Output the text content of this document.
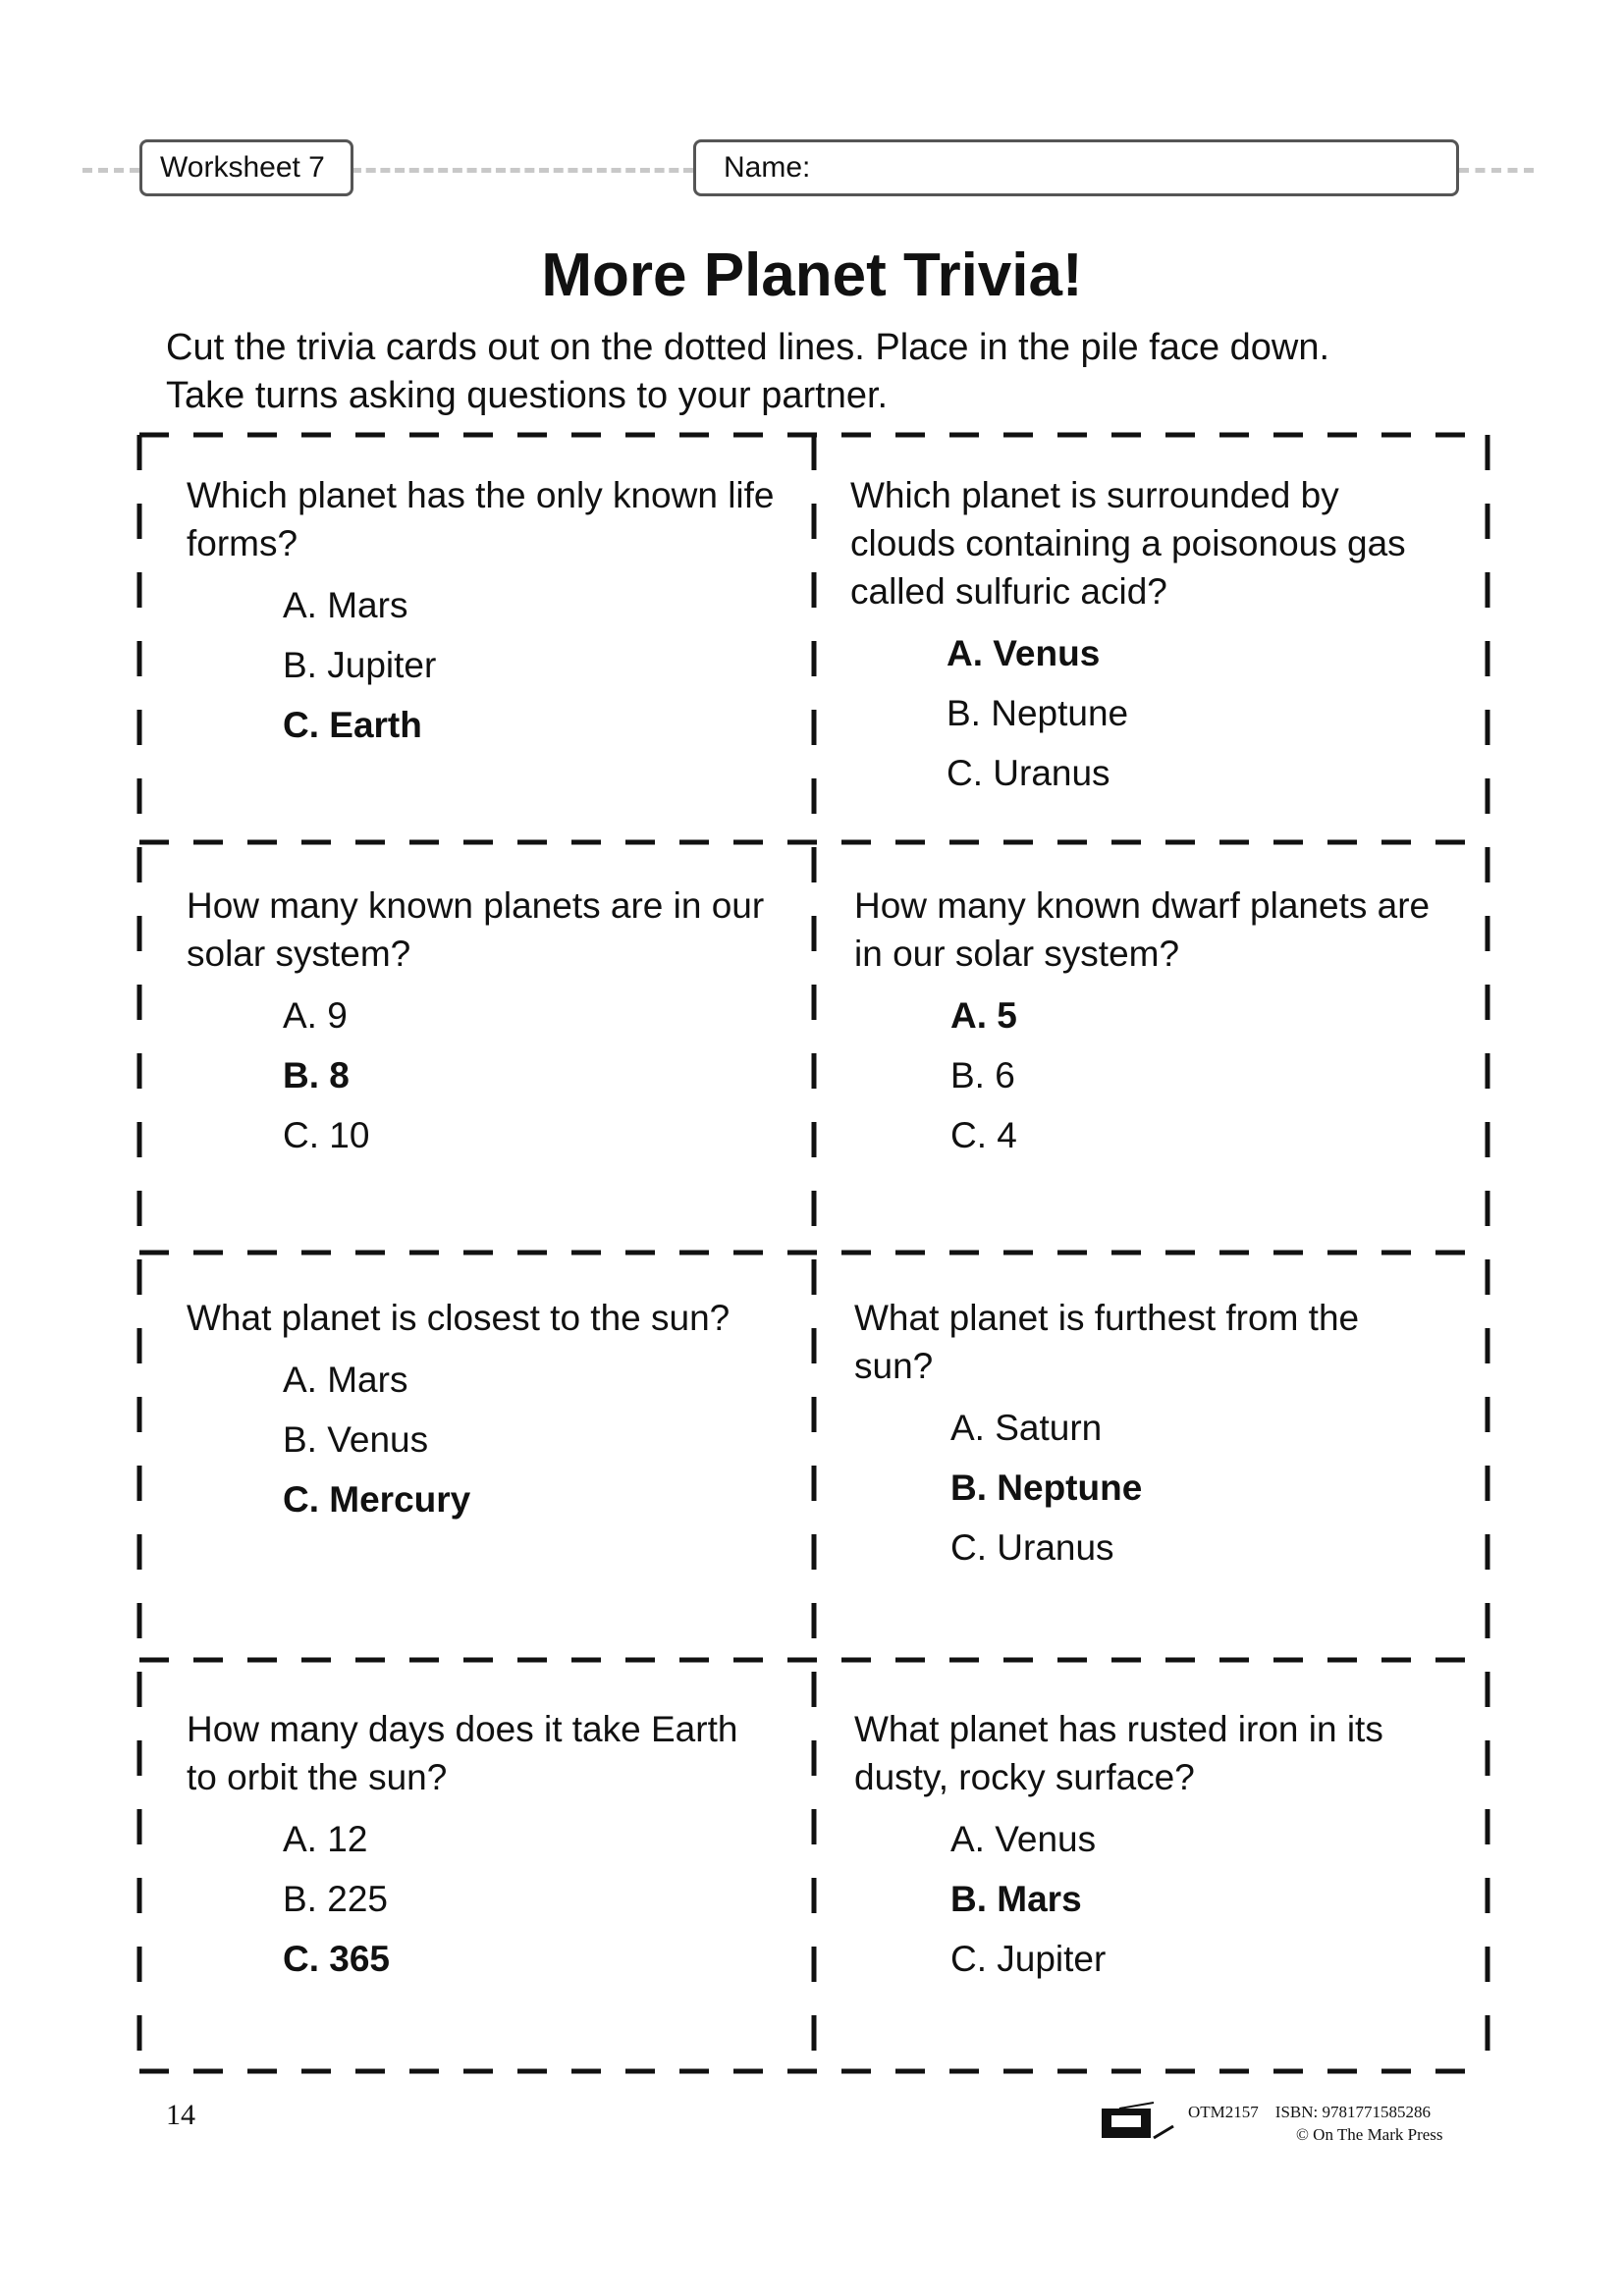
Worksheet 7	Name:
More Planet Trivia!
Cut the trivia cards out on the dotted lines. Place in the pile face down.
Take turns asking questions to your partner.
Which planet has the only known life forms?
A. Mars
B. Jupiter
C. Earth
Which planet is surrounded by clouds containing a poisonous gas called sulfuric acid?
A. Venus
B. Neptune
C. Uranus
How many known planets are in our solar system?
A. 9
B. 8
C. 10
How many known dwarf planets are in our solar system?
A. 5
B. 6
C. 4
What planet is closest to the sun?
A. Mars
B. Venus
C. Mercury
What planet is furthest from the sun?
A. Saturn
B. Neptune
C. Uranus
How many days does it take Earth to orbit the sun?
A. 12
B. 225
C. 365
What planet has rusted iron in its dusty, rocky surface?
A. Venus
B. Mars
C. Jupiter
14	OTM2157 ISBN: 9781771585286
© On The Mark Press
